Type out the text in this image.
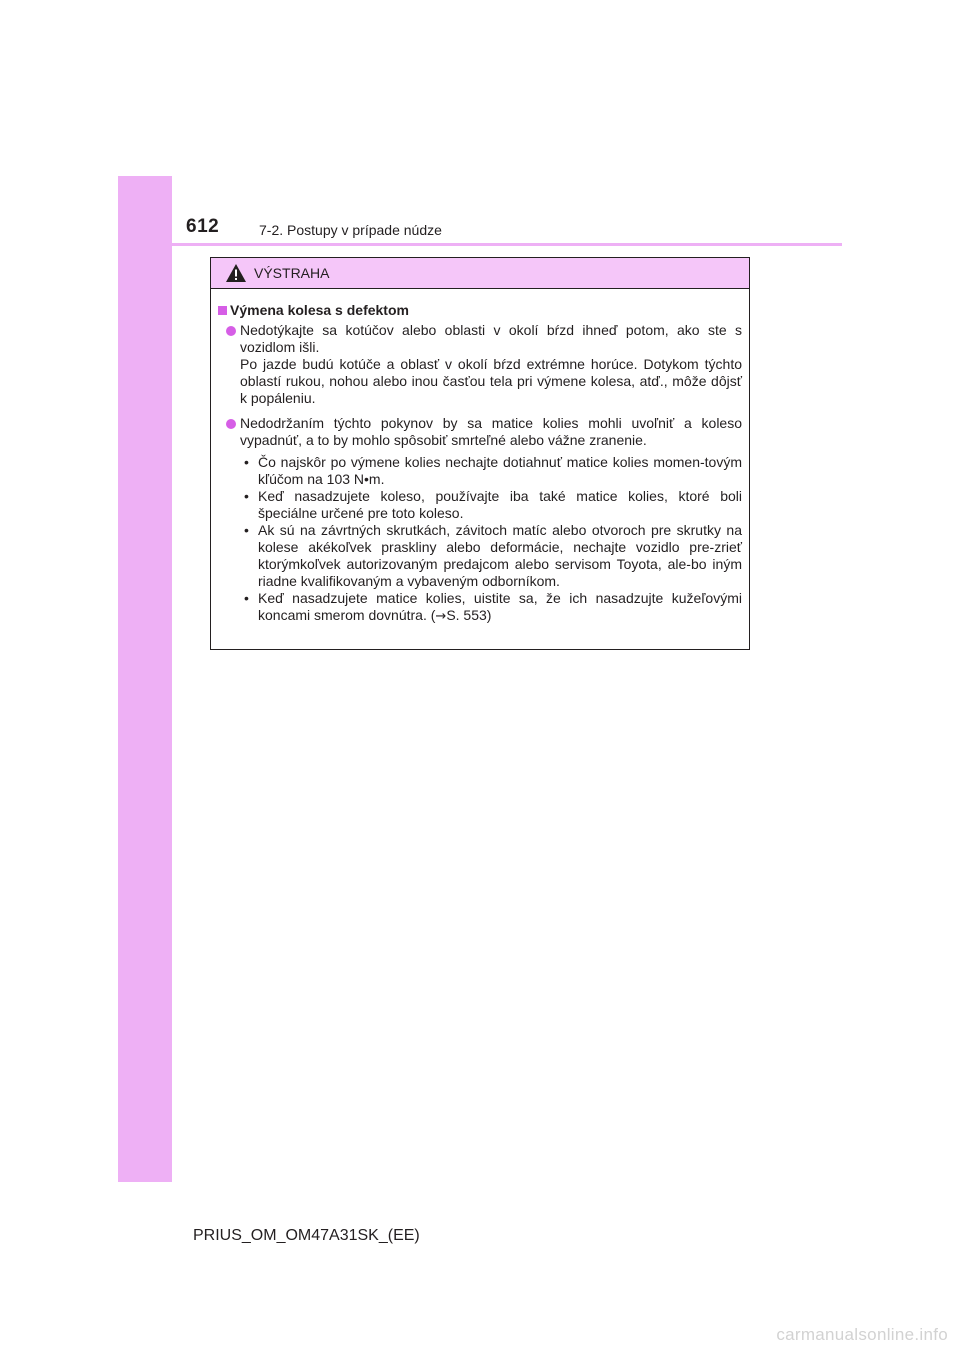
612	7-2. Postupy v prípade núdze
VÝSTRAHA
Výmena kolesa s defektom

Nedotýkajte sa kotúčov alebo oblasti v okolí bŕzd ihneď potom, ako ste s vozidlom išli.

Po jazde budú kotúče a oblasť v okolí bŕzd extrémne horúce. Dotykom týchto oblastí rukou, nohou alebo inou časťou tela pri výmene kolesa, atď., môže dôjsť k popáleniu.

Nedodržaním týchto pokynov by sa matice kolies mohli uvoľniť a koleso vypadnúť, a to by mohlo spôsobiť smrteľné alebo vážne zranenie.

• Čo najskôr po výmene kolies nechajte dotiahnuť matice kolies momen-tovým kľúčom na 103 N•m.
• Keď nasadzujete koleso, používajte iba také matice kolies, ktoré boli špeciálne určené pre toto koleso.
• Ak sú na závrtných skrutkách, závitoch matíc alebo otvoroch pre skrutky na kolese akékoľvek praskliny alebo deformácie, nechajte vozidlo pre-zrieť ktorýmkoľvek autorizovaným predajcom alebo servisom Toyota, ale-bo iným riadne kvalifikovaným a vybaveným odborníkom.
• Keď nasadzujete matice kolies, uistite sa, že ich nasadzujte kužeľovými koncami smerom dovnútra. (→S. 553)
PRIUS_OM_OM47A31SK_(EE)
carmanualsonline.info
